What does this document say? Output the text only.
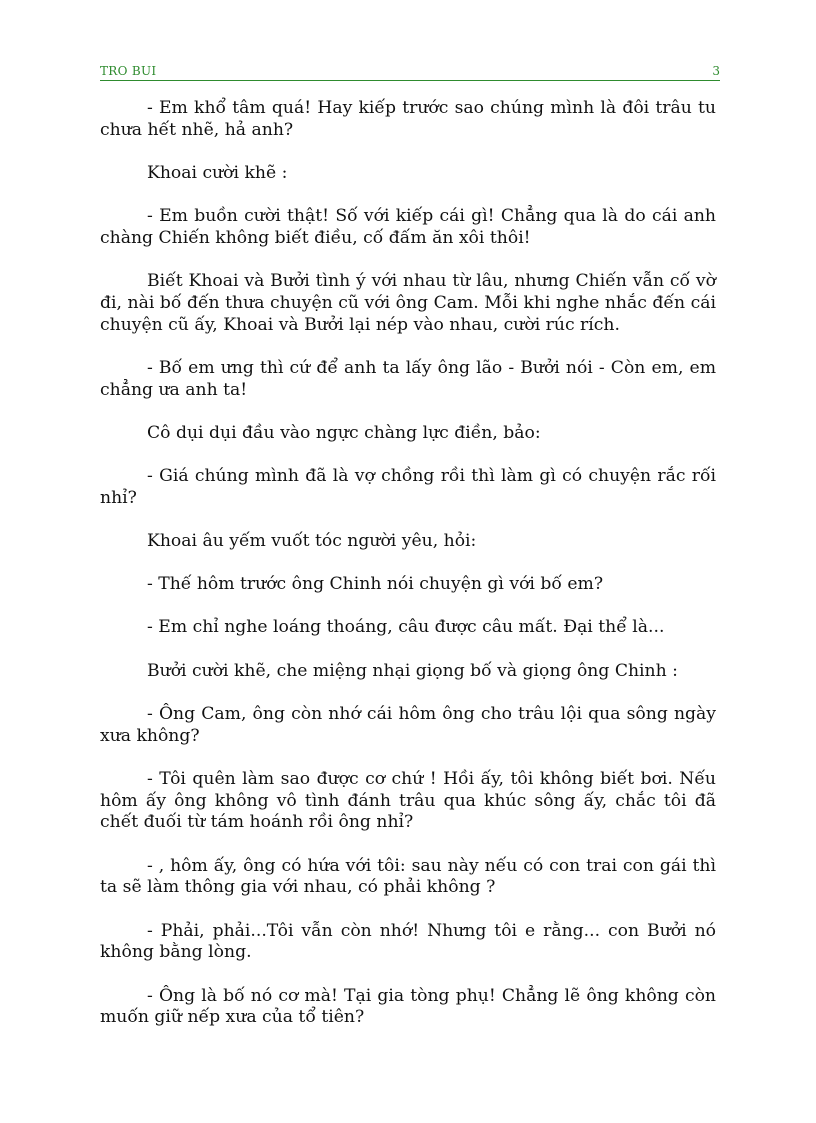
TRO BUI	3

- Em khổ tâm quá! Hay kiếp trước sao chúng mình là đôi trâu tu chưa hết nhẽ, hả anh?

Khoai cười khẽ :

- Em buồn cười thật! Số với kiếp cái gì! Chẳng qua là do cái anh chàng Chiến không biết điều, cố đấm ăn xôi thôi!

Biết Khoai và Bưởi tình ý với nhau từ lâu, nhưng Chiến vẫn cố vờ đi, nài bố đến thưa chuyện cũ với ông Cam. Mỗi khi nghe nhắc đến cái chuyện cũ ấy, Khoai và Bưởi lại nép vào nhau, cười rúc rích.

- Bố em ưng thì cứ để anh ta lấy ông lão - Bưởi nói - Còn em, em chẳng ưa anh ta!

Cô dụi dụi đầu vào ngực chàng lực điền, bảo:

- Giá chúng mình đã là vợ chồng rồi thì làm gì có chuyện rắc rối nhỉ?

Khoai âu yếm vuốt tóc người yêu, hỏi:

- Thế hôm trước ông Chinh nói chuyện gì với bố em?

- Em chỉ nghe loáng thoáng, câu được câu mất. Đại thể là...

Bưởi cười khẽ, che miệng nhại giọng bố và giọng ông Chinh :

- Ông Cam, ông còn nhớ cái hôm ông cho trâu lội qua sông ngày xưa không?

- Tôi quên làm sao được cơ chứ ! Hồi ấy, tôi không biết bơi. Nếu hôm ấy ông không vô tình đánh trâu qua khúc sông ấy, chắc tôi đã chết đuối từ tám hoánh rồi ông nhỉ?

- , hôm ấy, ông có hứa với tôi: sau này nếu có con trai con gái thì ta sẽ làm thông gia với nhau, có phải không ?

- Phải, phải...Tôi vẫn còn nhớ! Nhưng tôi e rằng... con Bưởi nó không bằng lòng.

- Ông là bố nó cơ mà! Tại gia tòng phụ! Chẳng lẽ ông không còn muốn giữ nếp xưa của tổ tiên?
